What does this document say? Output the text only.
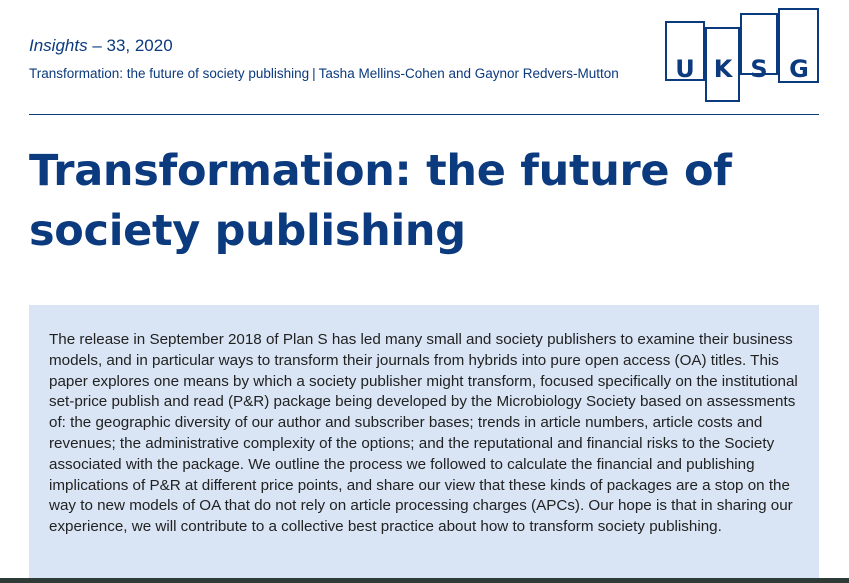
Insights – 33, 2020
Transformation: the future of society publishing | Tasha Mellins-Cohen and Gaynor Redvers-Mutton	U K S G
Transformation: the future of society publishing

The release in September 2018 of Plan S has led many small and society publishers to examine their business models, and in particular ways to transform their journals from hybrids into pure open access (OA) titles. This paper explores one means by which a society publisher might transform, focused specifically on the institutional set-price publish and read (P&R) package being developed by the Microbiology Society based on assessments of: the geographic diversity of our author and subscriber bases; trends in article numbers, article costs and revenues; the administrative complexity of the options; and the reputational and financial risks to the Society associated with the package. We outline the process we followed to calculate the financial and publishing implications of P&R at different price points, and share our view that these kinds of packages are a stop on the way to new models of OA that do not rely on article processing charges (APCs). Our hope is that in sharing our experience, we will contribute to a collective best practice about how to transform society publishing.
